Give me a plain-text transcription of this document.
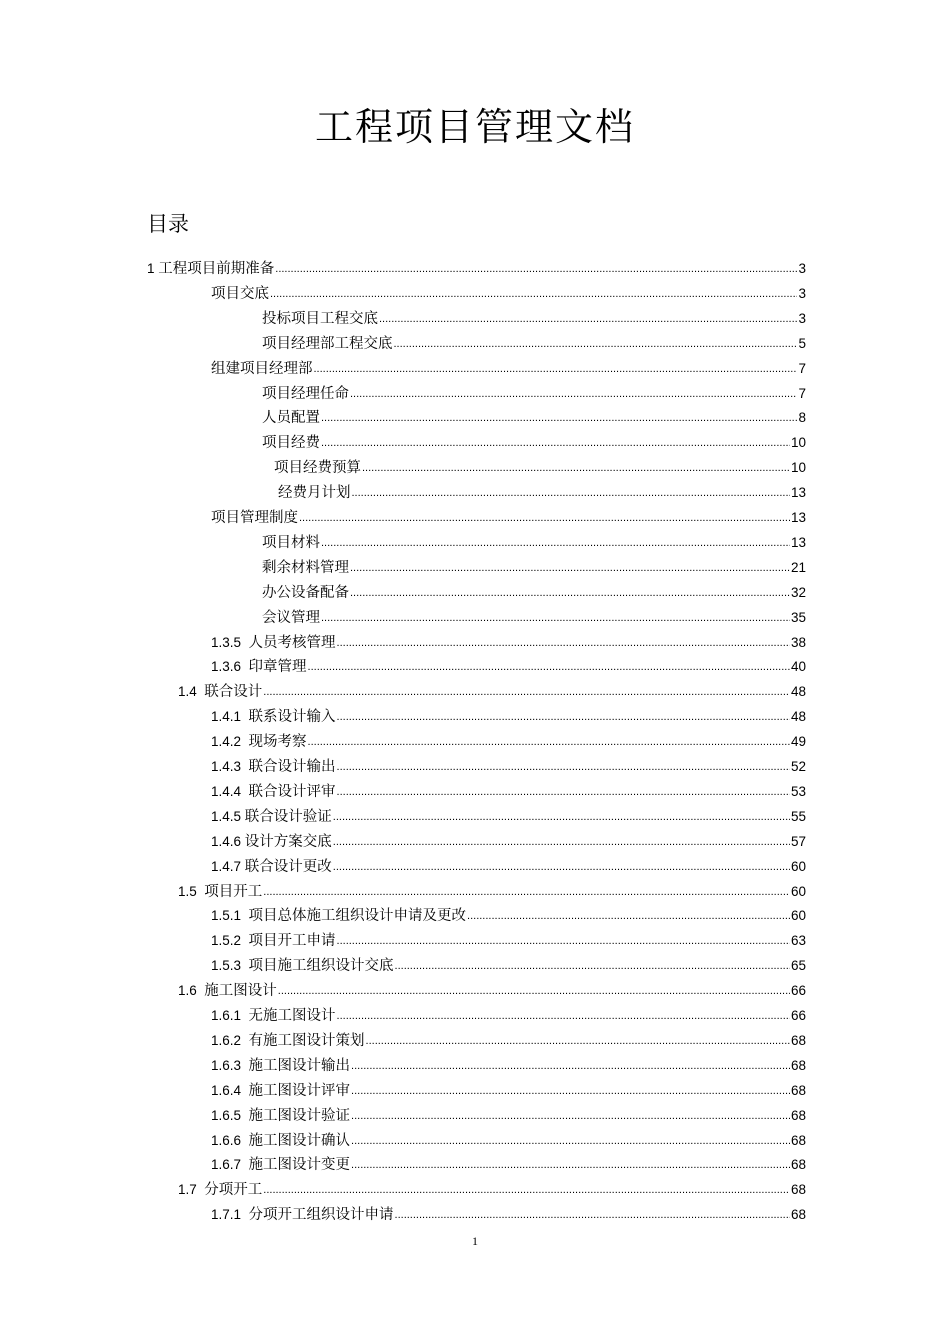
工程项目管理文档
目录
1 工程项目前期准备 .....	3
项目交底 .....	3
投标项目工程交底 .....	3
项目经理部工程交底 .....	5
组建项目经理部 .....	7
项目经理任命 .....	7
人员配置 .....	8
项目经费 .....	10
项目经费预算 .....	10
经费月计划 .....	13
项目管理制度 .....	13
项目材料 .....	13
剩余材料管理 .....	21
办公设备配备 .....	32
会议管理 .....	35
1.3.5 人员考核管理 .....	38
1.3.6 印章管理 .....	40
1.4 联合设计 .....	48
1.4.1 联系设计输入 .....	48
1.4.2 现场考察 .....	49
1.4.3 联合设计输出 .....	52
1.4.4 联合设计评审 .....	53
1.4.5 联合设计验证 .....	55
1.4.6 设计方案交底 .....	57
1.4.7 联合设计更改 .....	60
1.5 项目开工 .....	60
1.5.1 项目总体施工组织设计申请及更改 .....	60
1.5.2 项目开工申请 .....	63
1.5.3 项目施工组织设计交底 .....	65
1.6 施工图设计 .....	66
1.6.1 无施工图设计 .....	66
1.6.2 有施工图设计策划 .....	68
1.6.3 施工图设计输出 .....	68
1.6.4 施工图设计评审 .....	68
1.6.5 施工图设计验证 .....	68
1.6.6 施工图设计确认 .....	68
1.6.7 施工图设计变更 .....	68
1.7 分项开工 .....	68
1.7.1 分项开工组织设计申请 .....	68
1
